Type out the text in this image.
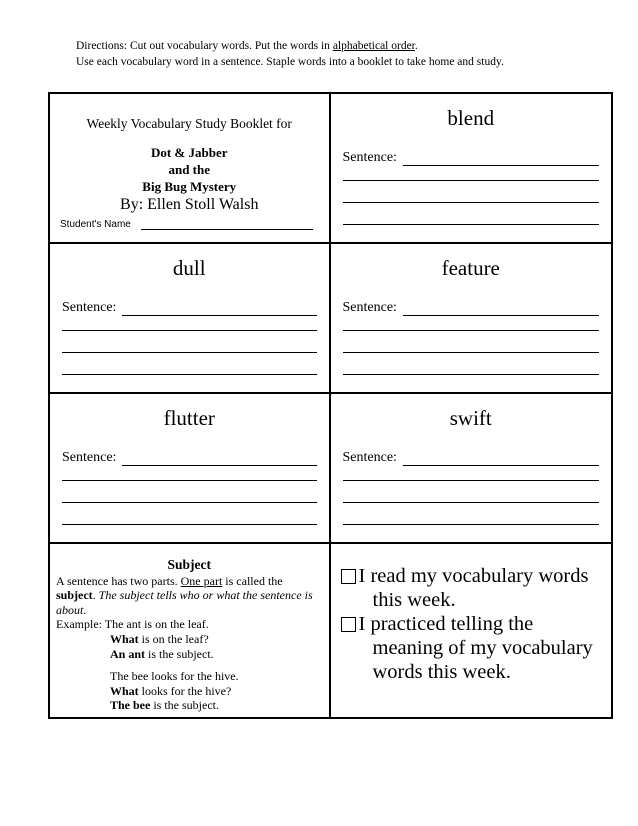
Directions: Cut out vocabulary words. Put the words in alphabetical order.
Use each vocabulary word in a sentence. Staple words into a booklet to take home and study.
Weekly Vocabulary Study Booklet for
Dot & Jabber
and the
Big Bug Mystery
By: Ellen Stoll Walsh
Student's Name
blend
Sentence:
dull
Sentence:
feature
Sentence:
flutter
Sentence:
swift
Sentence:
Subject
A sentence has two parts. One part is called the subject. The subject tells who or what the sentence is about.
Example: The ant is on the leaf.
What is on the leaf?
An ant is the subject.
The bee looks for the hive.
What looks for the hive?
The bee is the subject.
I read my vocabulary words
this week.
I practiced telling the
meaning of my vocabulary
words this week.
